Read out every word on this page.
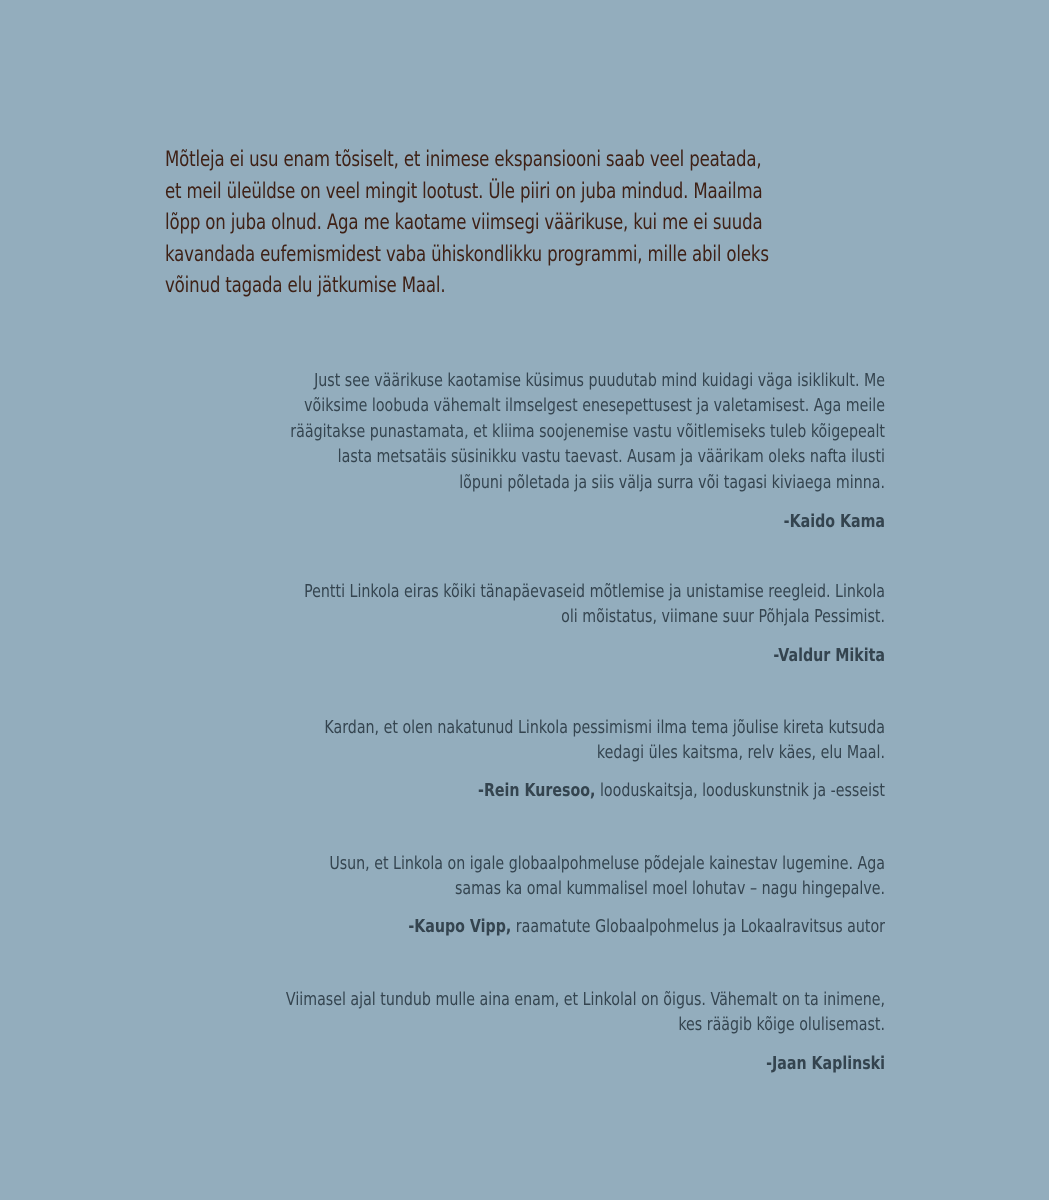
Mõtleja ei usu enam tõsiselt, et inimese ekspansiooni saab veel peatada,
et meil üleüldse on veel mingit lootust. Üle piiri on juba mindud. Maailma
lõpp on juba olnud. Aga me kaotame viimsegi väärikuse, kui me ei suuda
kavandada eufemismidest vaba ühiskondlikku programmi, mille abil oleks
võinud tagada elu jätkumise Maal.

Just see väärikuse kaotamise küsimus puudutab mind kuidagi väga isiklikult. Me
võiksime loobuda vähemalt ilmselgest enesepettusest ja valetamisest. Aga meile
räägitakse punastamata, et kliima soojenemise vastu võitlemiseks tuleb kõigepealt
lasta metsatäis süsinikku vastu taevast. Ausam ja väärikam oleks nafta ilusti
lõpuni põletada ja siis välja surra või tagasi kiviaega minna.

-Kaido Kama

Pentti Linkola eiras kõiki tänapäevaseid mõtlemise ja unistamise reegleid. Linkola
oli mõistatus, viimane suur Põhjala Pessimist.

-Valdur Mikita

Kardan, et olen nakatunud Linkola pessimismi ilma tema jõulise kireta kutsuda
kedagi üles kaitsma, relv käes, elu Maal.

-Rein Kuresoo, looduskaitsja, looduskunstnik ja -esseist

Usun, et Linkola on igale globaalpohmeluse põdejale kainestav lugemine. Aga
samas ka omal kummalisel moel lohutav – nagu hingepalve.

-Kaupo Vipp, raamatute Globaalpohmelus ja Lokaalravitsus autor

Viimasel ajal tundub mulle aina enam, et Linkolal on õigus. Vähemalt on ta inimene,
kes räägib kõige olulisemast.

-Jaan Kaplinski
